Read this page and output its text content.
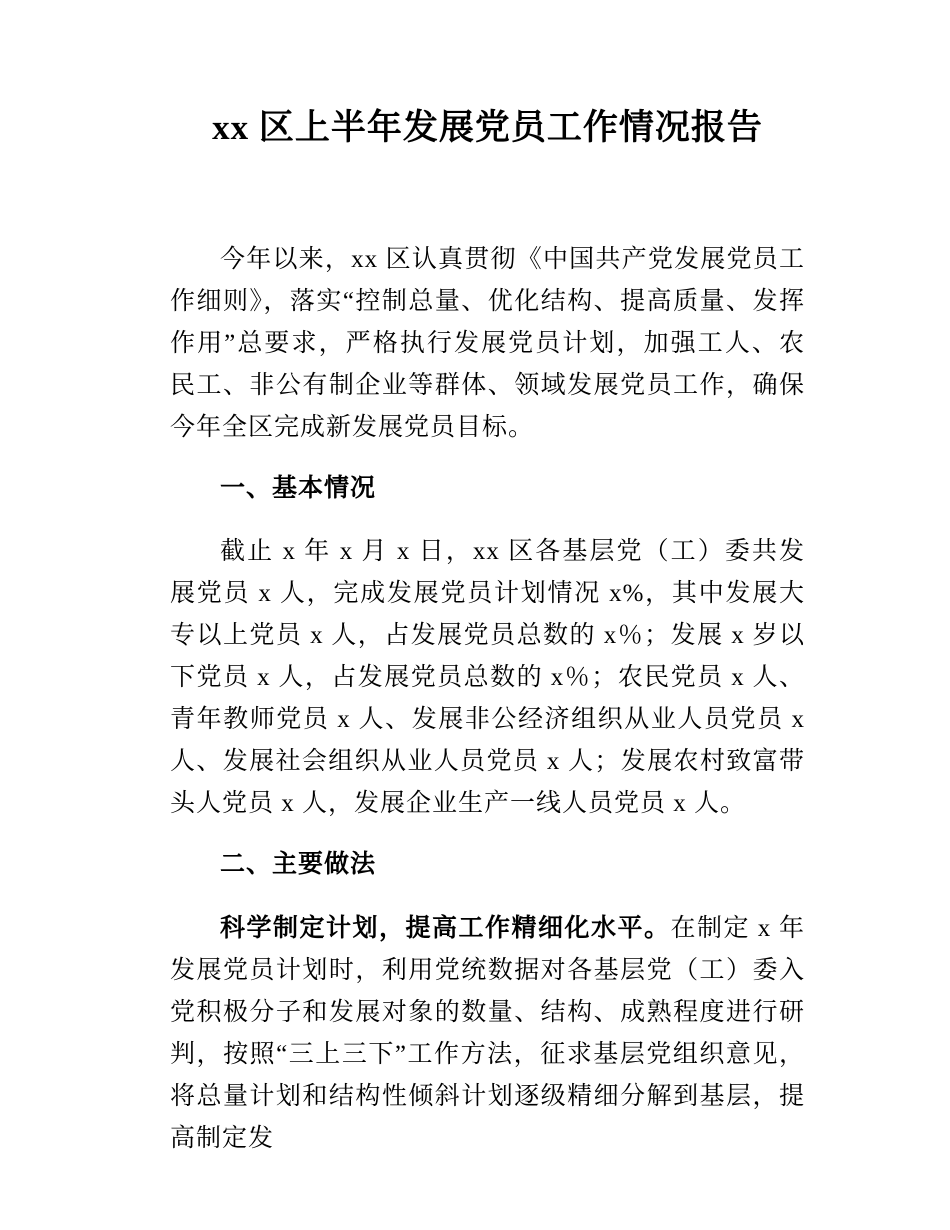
xx 区上半年发展党员工作情况报告

今年以来，xx 区认真贯彻《中国共产党发展党员工作细则》，落实“控制总量、优化结构、提高质量、发挥作用”总要求，严格执行发展党员计划，加强工人、农民工、非公有制企业等群体、领域发展党员工作，确保今年全区完成新发展党员目标。

一、基本情况

截止 x 年 x 月 x 日，xx 区各基层党（工）委共发展党员 x 人，完成发展党员计划情况 x%，其中发展大专以上党员 x 人，占发展党员总数的 x％；发展 x 岁以下党员 x 人，占发展党员总数的 x％；农民党员 x 人、青年教师党员 x 人、发展非公经济组织从业人员党员 x 人、发展社会组织从业人员党员 x 人；发展农村致富带头人党员 x 人，发展企业生产一线人员党员 x 人。

二、主要做法

科学制定计划，提高工作精细化水平。在制定 x 年发展党员计划时，利用党统数据对各基层党（工）委入党积极分子和发展对象的数量、结构、成熟程度进行研判，按照“三上三下”工作方法，征求基层党组织意见，将总量计划和结构性倾斜计划逐级精细分解到基层，提高制定发
